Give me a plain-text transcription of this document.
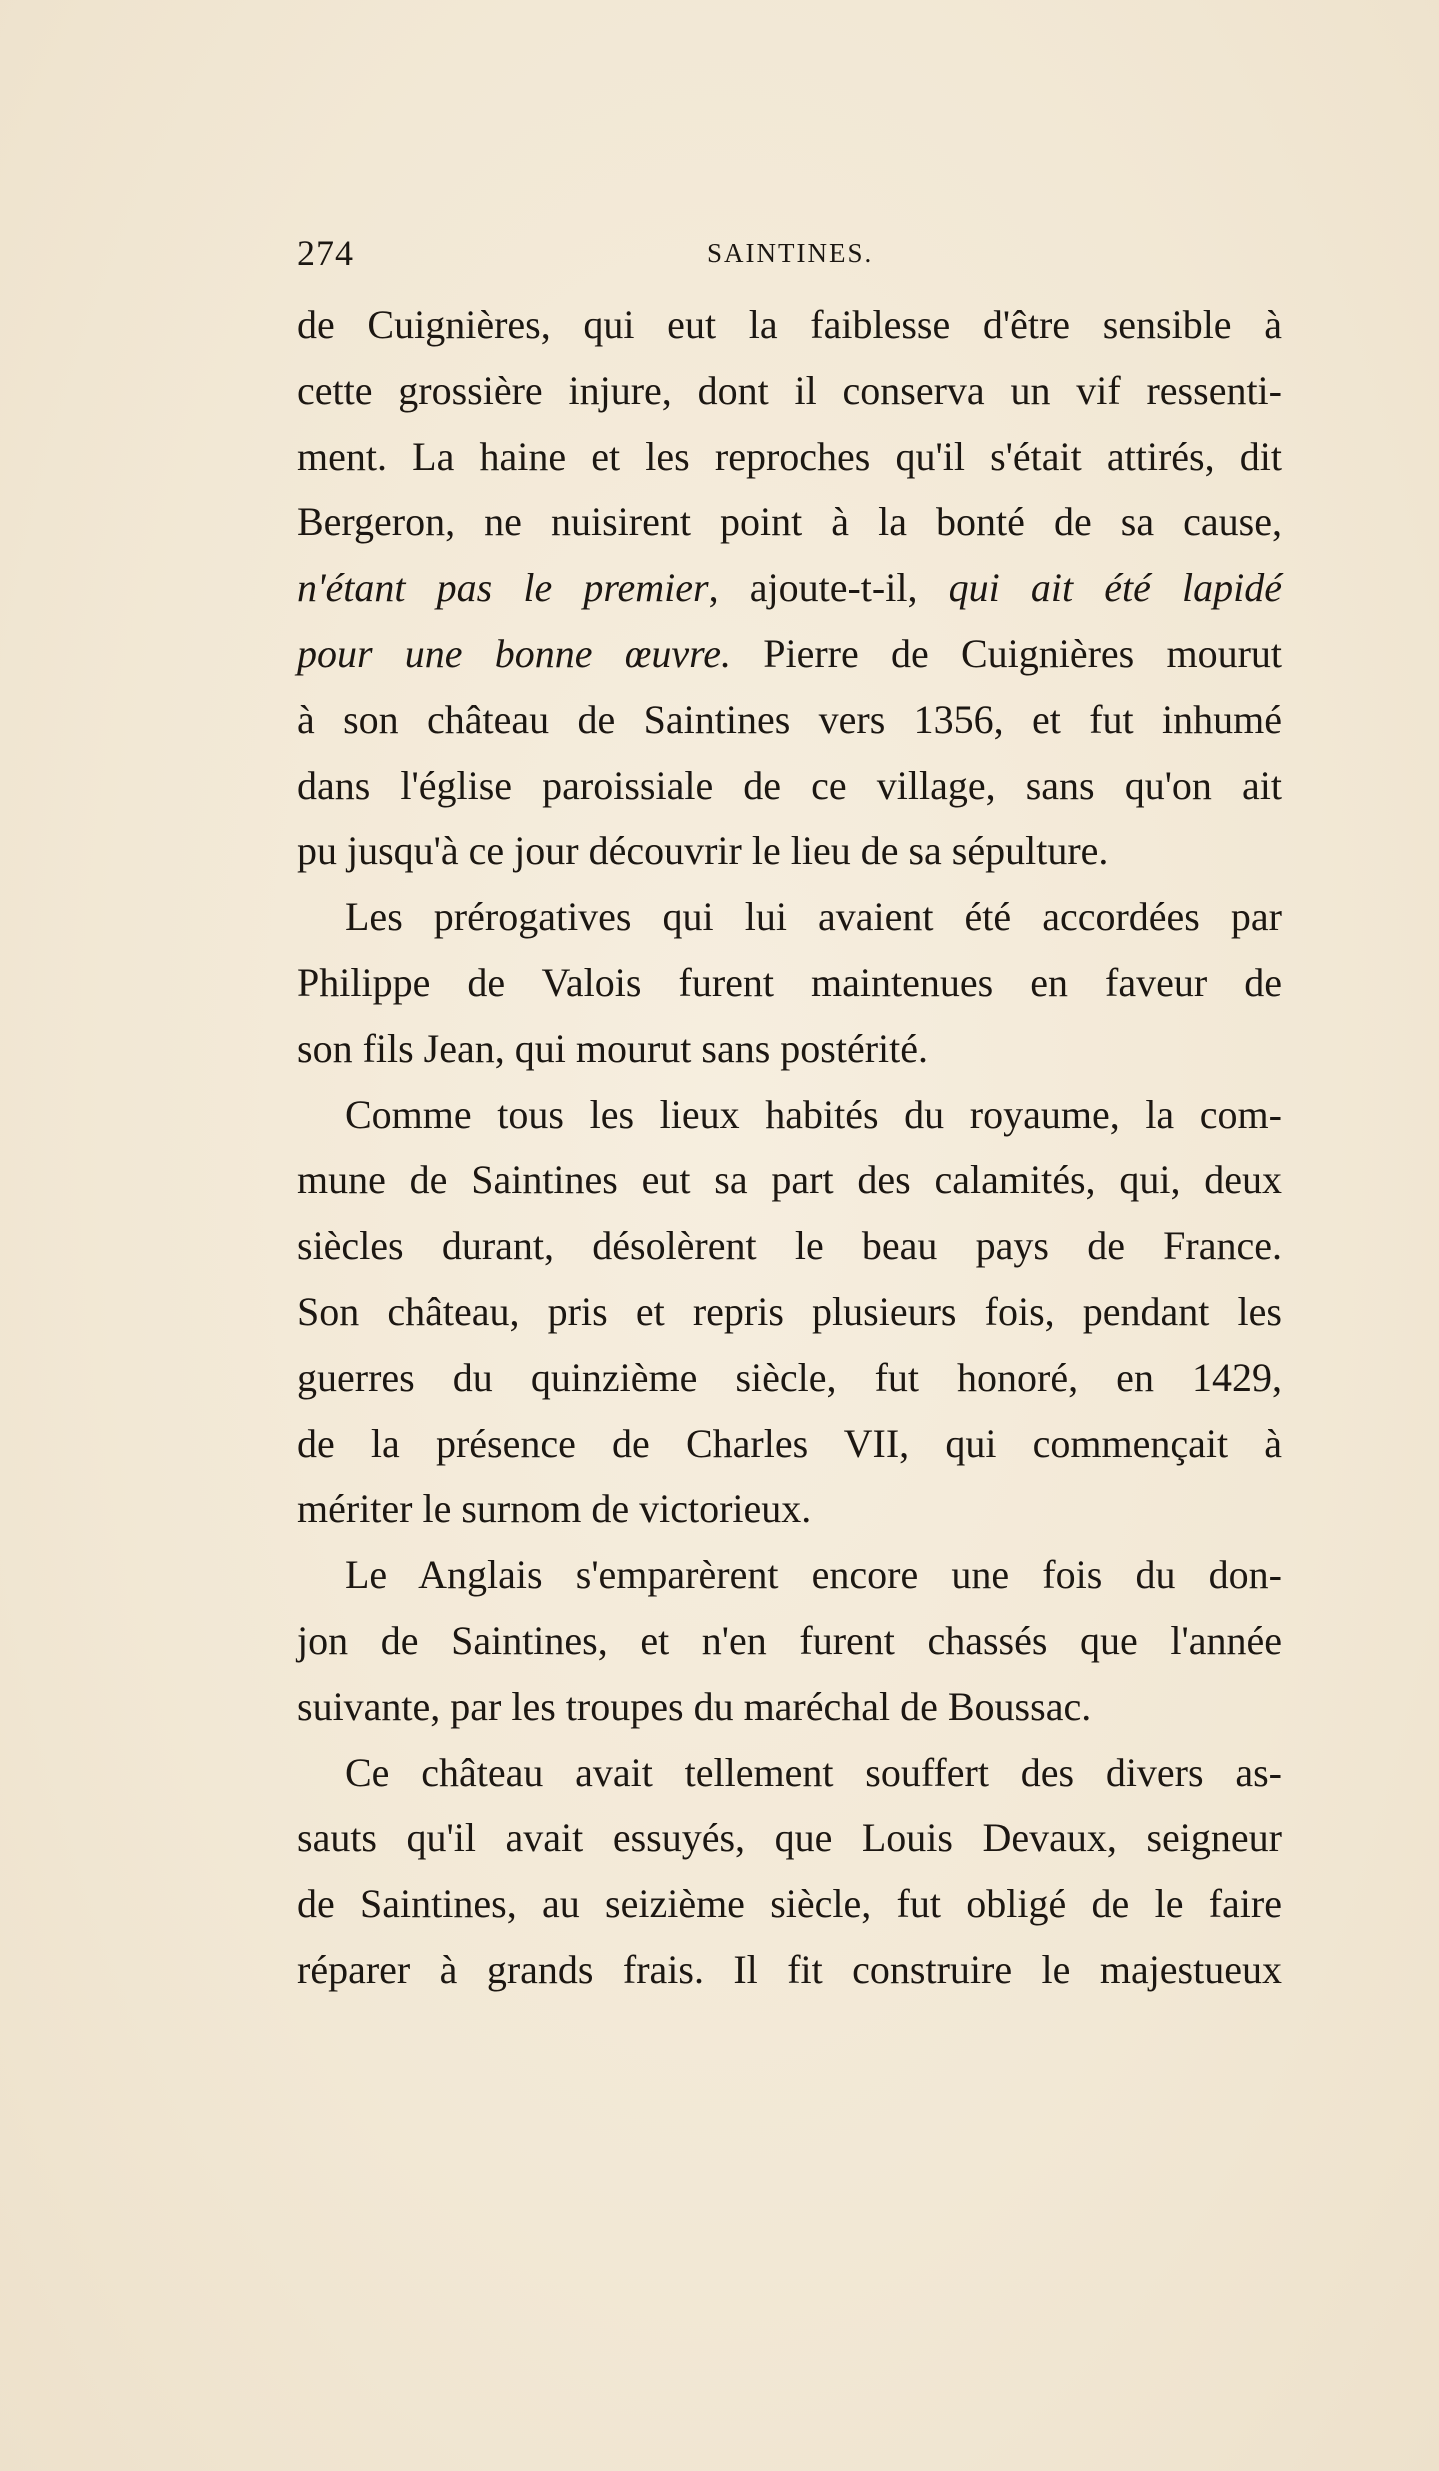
274	SAINTINES.
de Cuignières, qui eut la faiblesse d'être sensible à
cette grossière injure, dont il conserva un vif ressenti-
ment. La haine et les reproches qu'il s'était attirés, dit
Bergeron, ne nuisirent point à la bonté de sa cause,
n'étant pas le premier, ajoute-t-il, qui ait été lapidé
pour une bonne œuvre. Pierre de Cuignières mourut
à son château de Saintines vers 1356, et fut inhumé
dans l'église paroissiale de ce village, sans qu'on ait
pu jusqu'à ce jour découvrir le lieu de sa sépulture.
Les prérogatives qui lui avaient été accordées par
Philippe de Valois furent maintenues en faveur de
son fils Jean, qui mourut sans postérité.
Comme tous les lieux habités du royaume, la com-
mune de Saintines eut sa part des calamités, qui, deux
siècles durant, désolèrent le beau pays de France.
Son château, pris et repris plusieurs fois, pendant les
guerres du quinzième siècle, fut honoré, en 1429,
de la présence de Charles VII, qui commençait à
mériter le surnom de victorieux.
Le Anglais s'emparèrent encore une fois du don-
jon de Saintines, et n'en furent chassés que l'année
suivante, par les troupes du maréchal de Boussac.
Ce château avait tellement souffert des divers as-
sauts qu'il avait essuyés, que Louis Devaux, seigneur
de Saintines, au seizième siècle, fut obligé de le faire
réparer à grands frais. Il fit construire le majestueux
